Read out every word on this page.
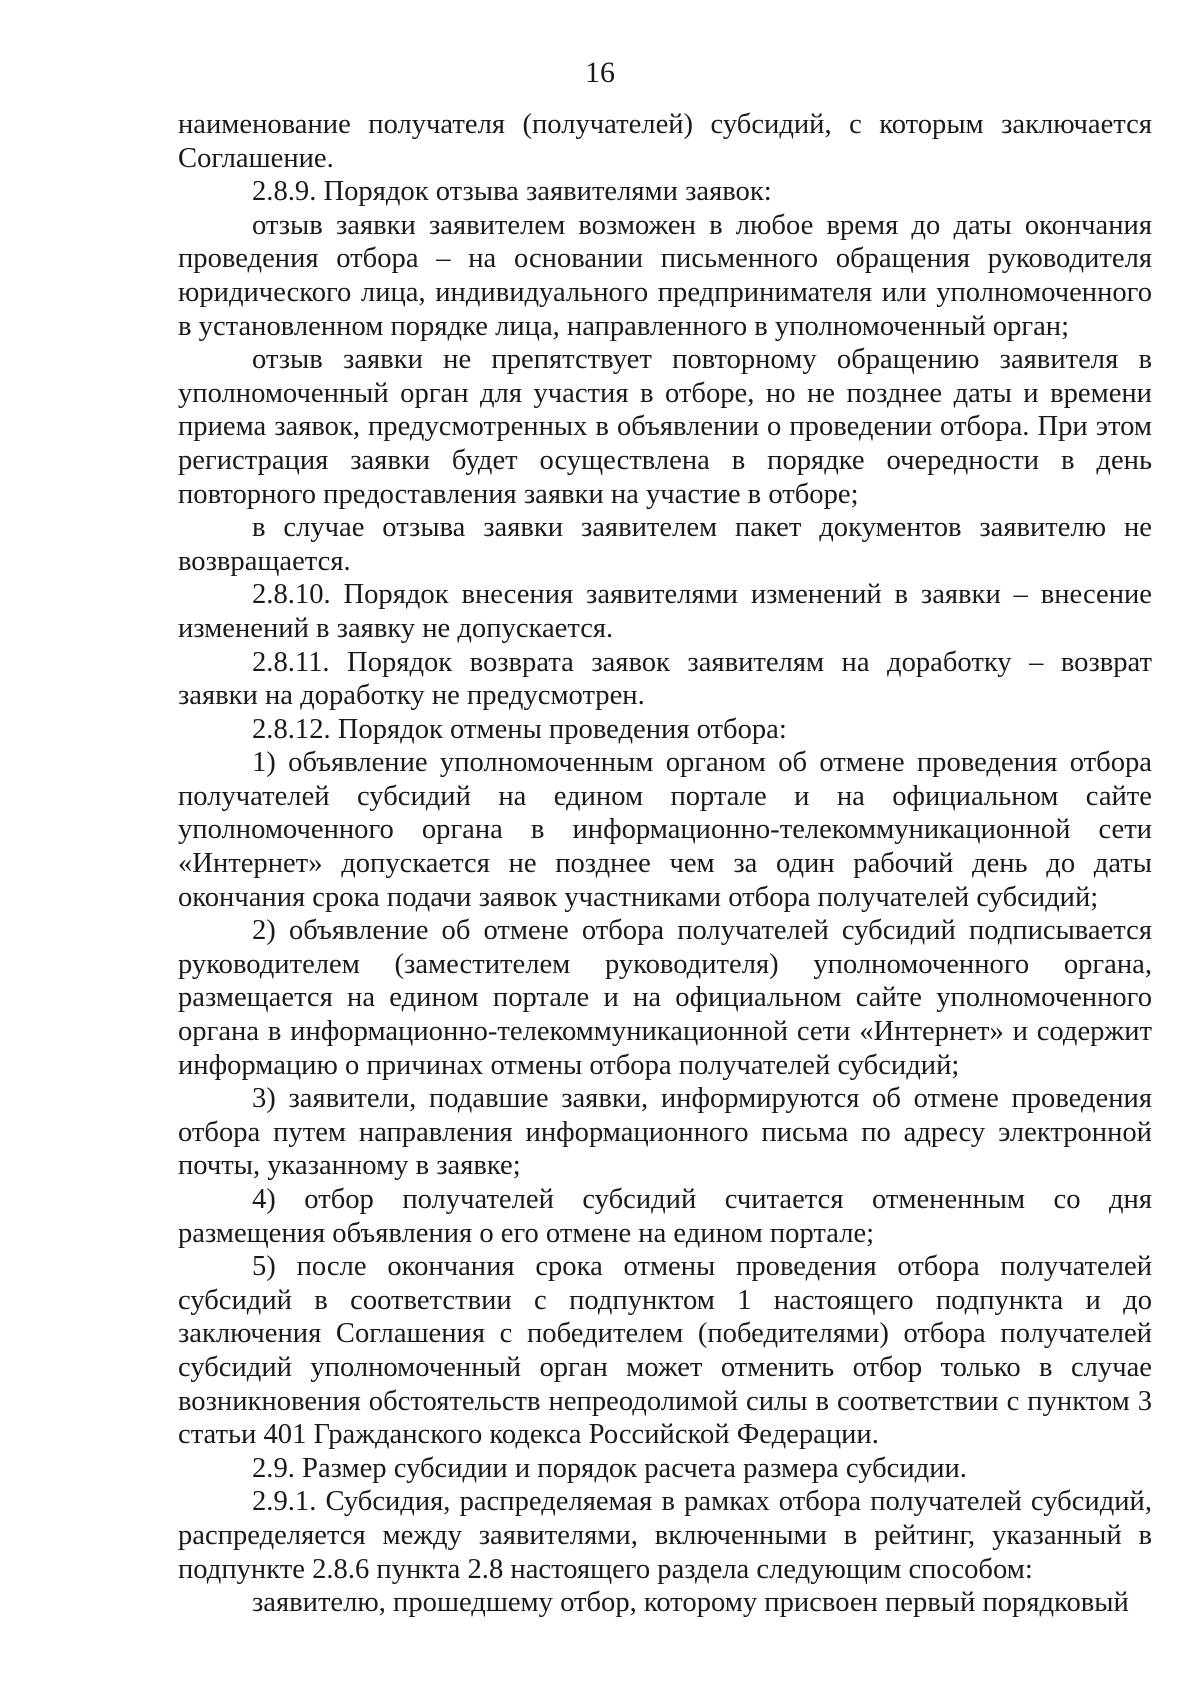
16

наименование получателя (получателей) субсидий, с которым заключается Соглашение.

2.8.9. Порядок отзыва заявителями заявок:

отзыв заявки заявителем возможен в любое время до даты окончания проведения отбора – на основании письменного обращения руководителя юридического лица, индивидуального предпринимателя или уполномоченного в установленном порядке лица, направленного в уполномоченный орган;

отзыв заявки не препятствует повторному обращению заявителя в уполномоченный орган для участия в отборе, но не позднее даты и времени приема заявок, предусмотренных в объявлении о проведении отбора. При этом регистрация заявки будет осуществлена в порядке очередности в день повторного предоставления заявки на участие в отборе;

в случае отзыва заявки заявителем пакет документов заявителю не возвращается.

2.8.10. Порядок внесения заявителями изменений в заявки – внесение изменений в заявку не допускается.

2.8.11. Порядок возврата заявок заявителям на доработку – возврат заявки на доработку не предусмотрен.

2.8.12. Порядок отмены проведения отбора:

1) объявление уполномоченным органом об отмене проведения отбора получателей субсидий на едином портале и на официальном сайте уполномоченного органа в информационно-телекоммуникационной сети «Интернет» допускается не позднее чем за один рабочий день до даты окончания срока подачи заявок участниками отбора получателей субсидий;

2) объявление об отмене отбора получателей субсидий подписывается руководителем (заместителем руководителя) уполномоченного органа, размещается на едином портале и на официальном сайте уполномоченного органа в информационно-телекоммуникационной сети «Интернет» и содержит информацию о причинах отмены отбора получателей субсидий;

3) заявители, подавшие заявки, информируются об отмене проведения отбора путем направления информационного письма по адресу электронной почты, указанному в заявке;

4) отбор получателей субсидий считается отмененным со дня размещения объявления о его отмене на едином портале;

5) после окончания срока отмены проведения отбора получателей субсидий в соответствии с подпунктом 1 настоящего подпункта и до заключения Соглашения с победителем (победителями) отбора получателей субсидий уполномоченный орган может отменить отбор только в случае возникновения обстоятельств непреодолимой силы в соответствии с пунктом 3 статьи 401 Гражданского кодекса Российской Федерации.

2.9. Размер субсидии и порядок расчета размера субсидии.

2.9.1. Субсидия, распределяемая в рамках отбора получателей субсидий, распределяется между заявителями, включенными в рейтинг, указанный в подпункте 2.8.6 пункта 2.8 настоящего раздела следующим способом:

заявителю, прошедшему отбор, которому присвоен первый порядковый
